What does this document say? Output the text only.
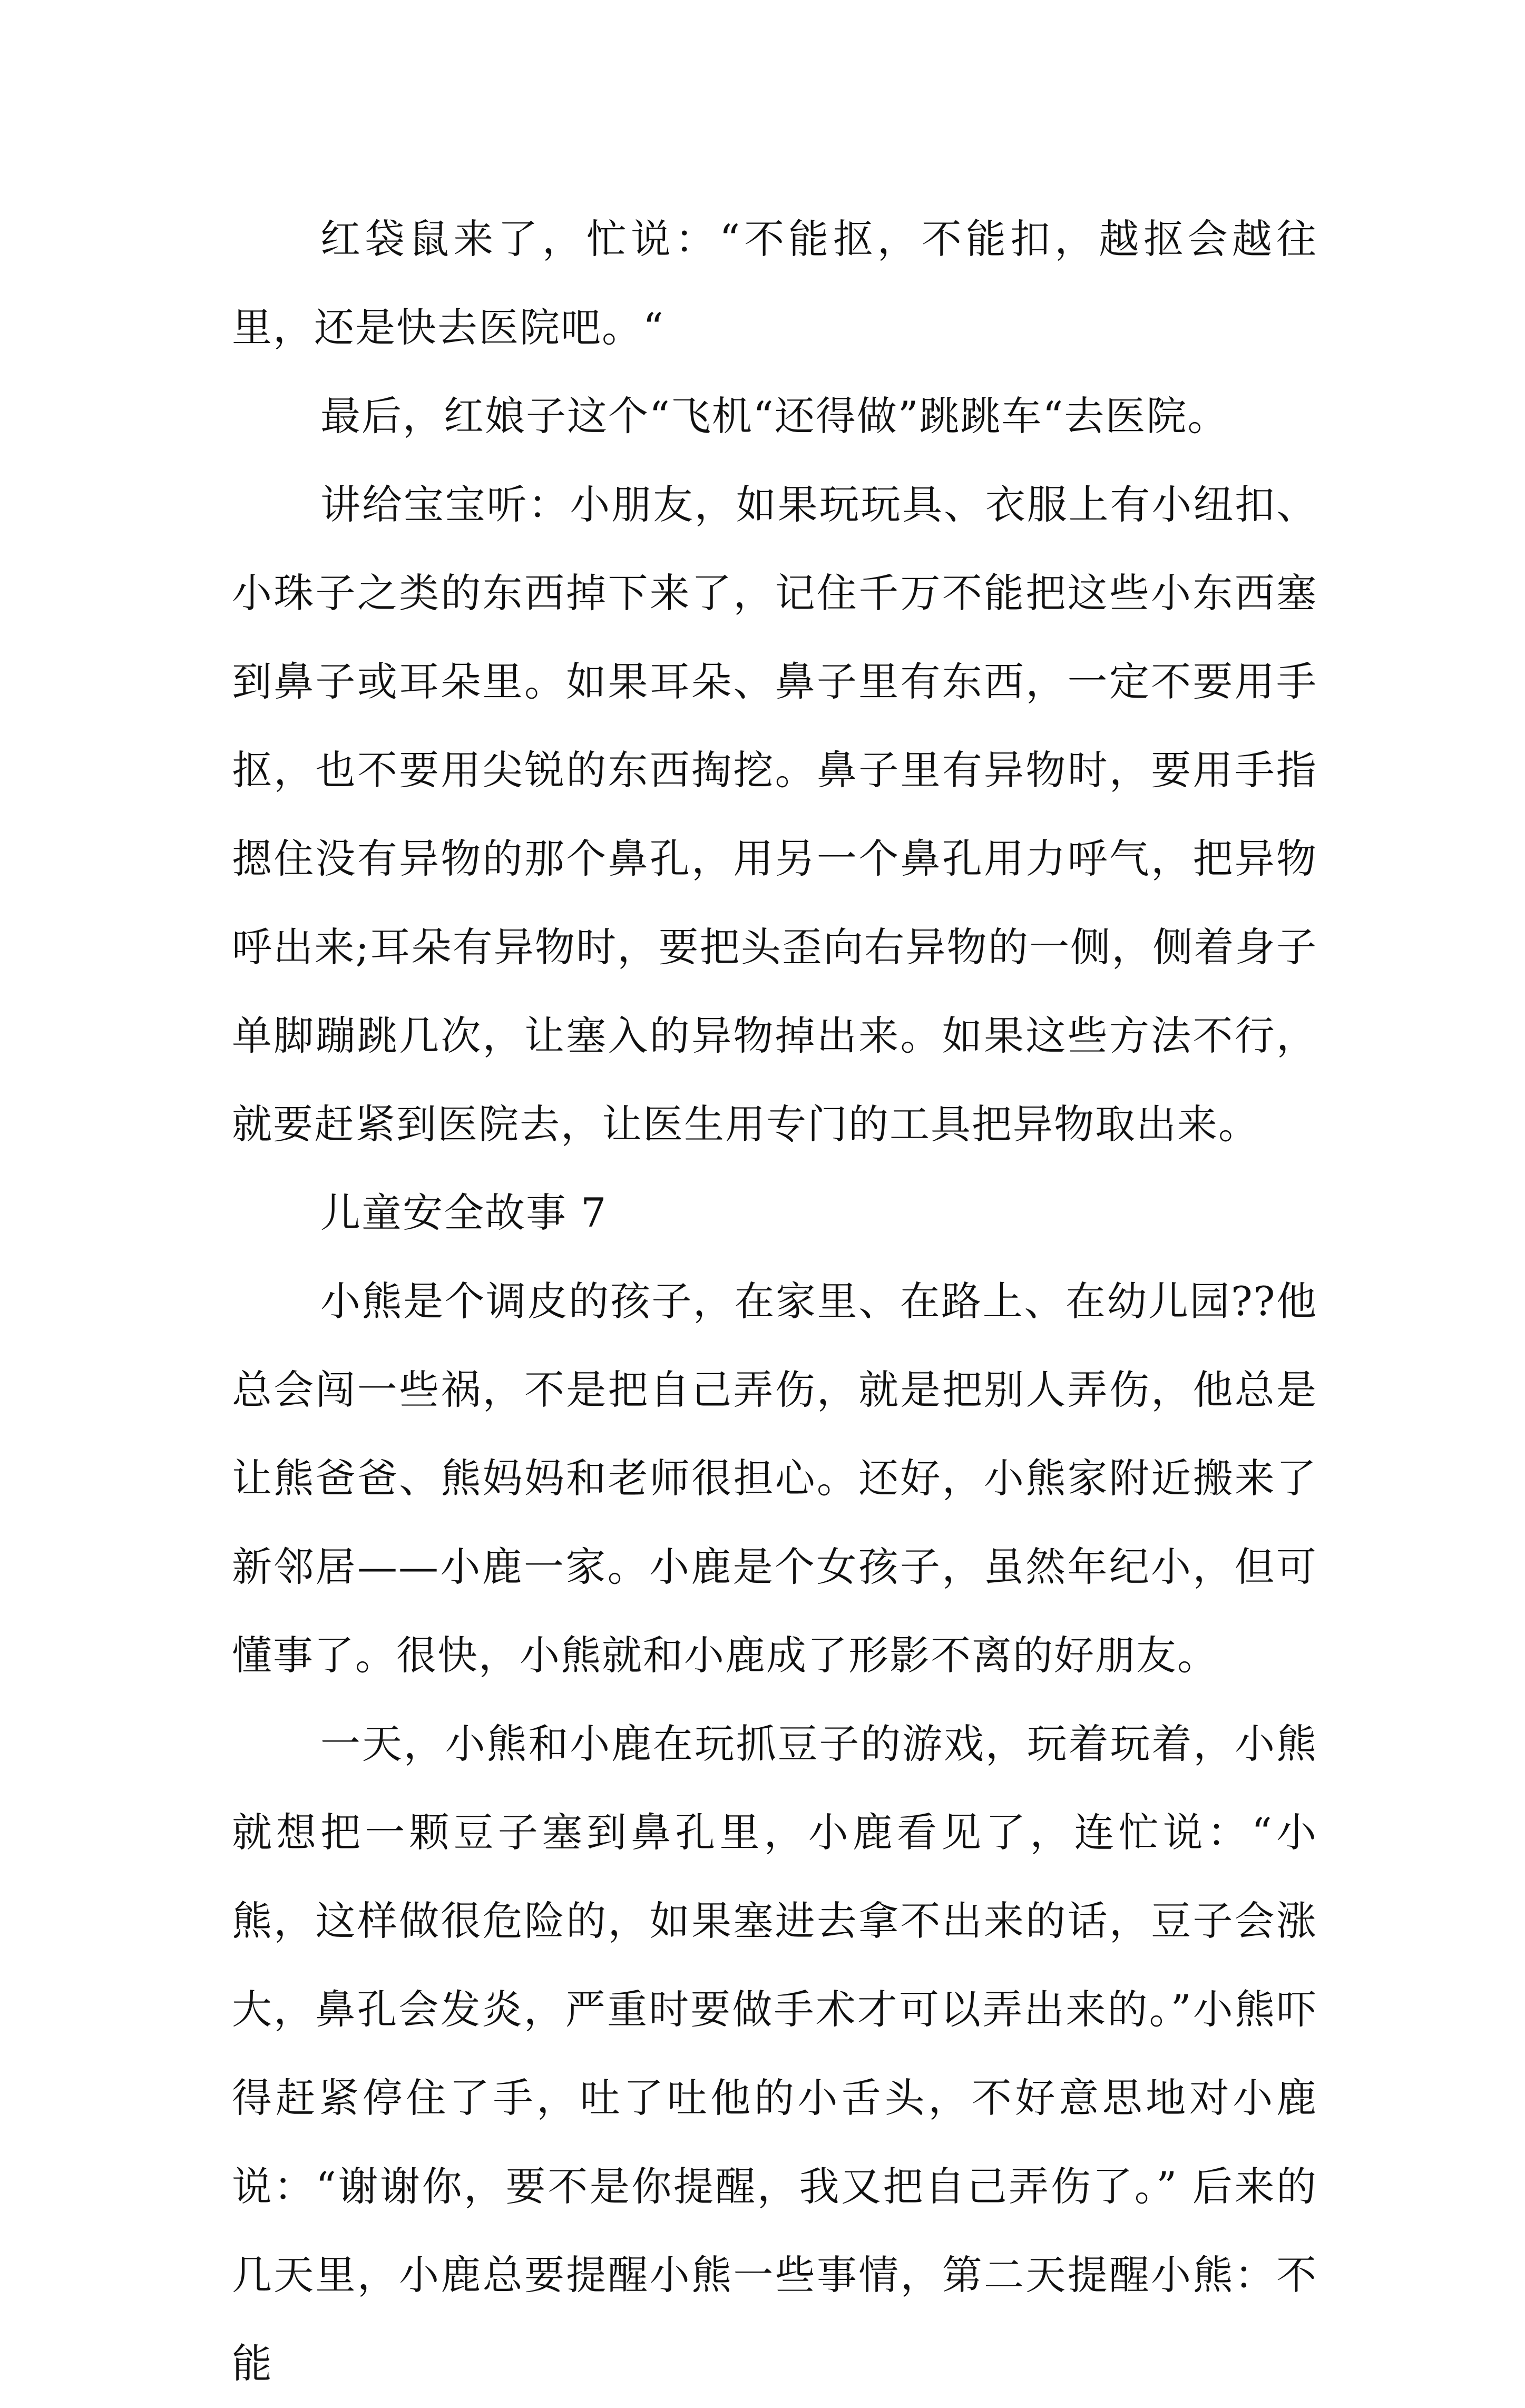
红袋鼠来了，忙说：“不能抠，不能扣，越抠会越往里，还是快去医院吧。“

最后，红娘子这个“飞机“还得做”跳跳车“去医院。

讲给宝宝听：小朋友，如果玩玩具、衣服上有小纽扣、小珠子之类的东西掉下来了，记住千万不能把这些小东西塞到鼻子或耳朵里。如果耳朵、鼻子里有东西，一定不要用手抠，也不要用尖锐的东西掏挖。鼻子里有异物时，要用手指摁住没有异物的那个鼻孔，用另一个鼻孔用力呼气，把异物呼出来;耳朵有异物时，要把头歪向右异物的一侧，侧着身子单脚蹦跳几次，让塞入的异物掉出来。如果这些方法不行，就要赶紧到医院去，让医生用专门的工具把异物取出来。

儿童安全故事 7

小熊是个调皮的孩子，在家里、在路上、在幼儿园??他总会闯一些祸，不是把自己弄伤，就是把别人弄伤，他总是让熊爸爸、熊妈妈和老师很担心。还好，小熊家附近搬来了新邻居——小鹿一家。小鹿是个女孩子，虽然年纪小，但可懂事了。很快，小熊就和小鹿成了形影不离的好朋友。

一天，小熊和小鹿在玩抓豆子的游戏，玩着玩着，小熊就想把一颗豆子塞到鼻孔里，小鹿看见了，连忙说：“小熊，这样做很危险的，如果塞进去拿不出来的话，豆子会涨大，鼻孔会发炎，严重时要做手术才可以弄出来的。”小熊吓得赶紧停住了手，吐了吐他的小舌头，不好意思地对小鹿说：“谢谢你，要不是你提醒，我又把自己弄伤了。” 后来的几天里，小鹿总要提醒小熊一些事情，第二天提醒小熊：不能
